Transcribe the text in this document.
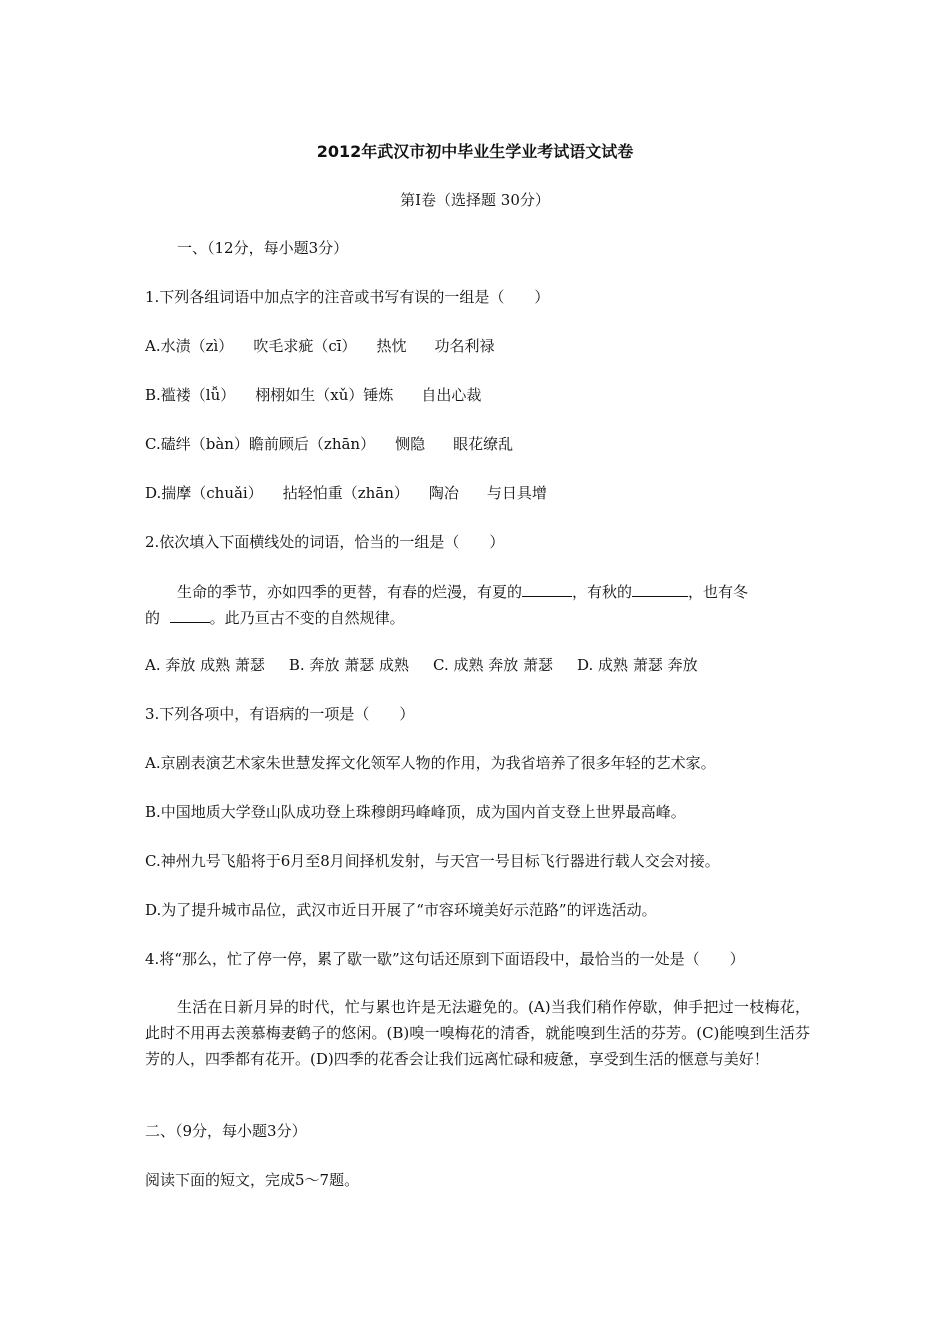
2012年武汉市初中毕业生学业考试语文试卷
第Ⅰ卷（选择题 30分）
一、（12分，每小题3分）
1.下列各组词语中加点字的注音或书写有误的一组是（　　）
A.水渍（zì） 吹毛求疵（cī） 热忱 功名利禄
B.褴褛（lǚ） 栩栩如生（xǔ）锤炼 自出心裁
C.磕绊（bàn）瞻前顾后（zhān） 恻隐 眼花缭乱
D.揣摩（chuǎi） 拈轻怕重（zhān） 陶冶 与日具增
2.依次填入下面横线处的词语，恰当的一组是（　　）
生命的季节，亦如四季的更替，有春的烂漫，有夏的	，有秋的	，也有冬
的	。此乃亘古不变的自然规律。
A. 奔放 成熟 萧瑟 B. 奔放 萧瑟 成熟 C. 成熟 奔放 萧瑟 D. 成熟 萧瑟 奔放
3.下列各项中，有语病的一项是（　　）
A.京剧表演艺术家朱世慧发挥文化领军人物的作用，为我省培养了很多年轻的艺术家。
B.中国地质大学登山队成功登上珠穆朗玛峰峰顶，成为国内首支登上世界最高峰。
C.神州九号飞船将于6月至8月间择机发射，与天宫一号目标飞行器进行载人交会对接。
D.为了提升城市品位，武汉市近日开展了“市容环境美好示范路”的评选活动。
4.将“那么，忙了停一停，累了歇一歇”这句话还原到下面语段中，最恰当的一处是（　　）
生活在日新月异的时代，忙与累也许是无法避免的。(A)当我们稍作停歇，伸手把过一枝梅花，此时不用再去羡慕梅妻鹤子的悠闲。(B)嗅一嗅梅花的清香，就能嗅到生活的芬芳。(C)能嗅到生活芬芳的人，四季都有花开。(D)四季的花香会让我们远离忙碌和疲惫，享受到生活的惬意与美好！
二、（9分，每小题3分）
阅读下面的短文，完成5～7题。
